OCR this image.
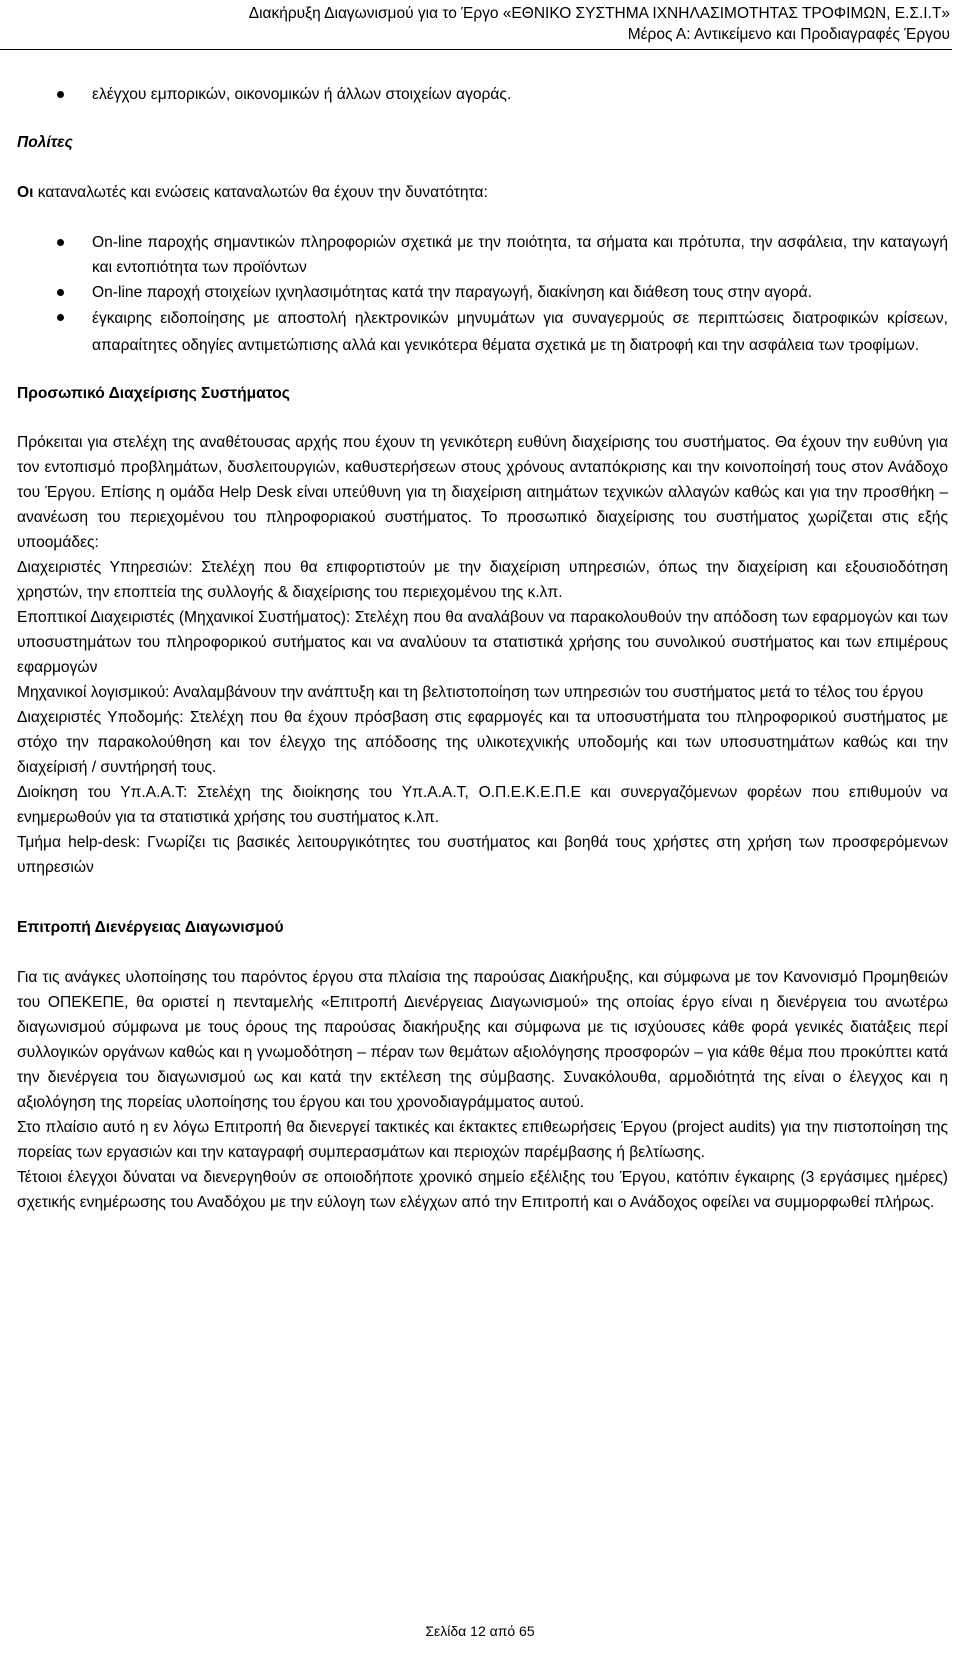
Διακήρυξη Διαγωνισμού για το Έργο «ΕΘΝΙΚΟ ΣΥΣΤΗΜΑ ΙΧΝΗΛΑΣΙΜΟΤΗΤΑΣ ΤΡΟΦΙΜΩΝ, Ε.Σ.Ι.Τ»
Μέρος Α: Αντικείμενο και Προδιαγραφές Έργου
ελέγχου εμπορικών, οικονομικών ή άλλων στοιχείων αγοράς.

Πολίτες

Οι καταναλωτές και ενώσεις καταναλωτών θα έχουν την δυνατότητα:

On-line παροχής σημαντικών πληροφοριών σχετικά με την ποιότητα, τα σήματα και πρότυπα, την ασφάλεια, την καταγωγή και εντοπιότητα των προϊόντων
On-line παροχή στοιχείων ιχνηλασιμότητας κατά την παραγωγή, διακίνηση και διάθεση τους στην αγορά.
έγκαιρης ειδοποίησης με αποστολή ηλεκτρονικών μηνυμάτων για συναγερμούς σε περιπτώσεις διατροφικών κρίσεων, απαραίτητες οδηγίες αντιμετώπισης αλλά και γενικότερα θέματα σχετικά με τη διατροφή και την ασφάλεια των τροφίμων.

Προσωπικό Διαχείρισης Συστήματος

Πρόκειται για στελέχη της αναθέτουσας αρχής που έχουν τη γενικότερη ευθύνη διαχείρισης του συστήματος. Θα έχουν την ευθύνη για τον εντοπισμό προβλημάτων, δυσλειτουργιών, καθυστερήσεων στους χρόνους ανταπόκρισης και την κοινοποίησή τους στον Ανάδοχο του Έργου. Επίσης η ομάδα Help Desk είναι υπεύθυνη για τη διαχείριση αιτημάτων τεχνικών αλλαγών καθώς και για την προσθήκη – ανανέωση του περιεχομένου του πληροφοριακού συστήματος. Το προσωπικό διαχείρισης του συστήματος χωρίζεται στις εξής υποομάδες:

Διαχειριστές Υπηρεσιών: Στελέχη που θα επιφορτιστούν με την διαχείριση υπηρεσιών, όπως την διαχείριση και εξουσιοδότηση χρηστών, την εποπτεία της συλλογής & διαχείρισης του περιεχομένου της κ.λπ.

Εποπτικοί Διαχειριστές (Μηχανικοί Συστήματος): Στελέχη που θα αναλάβουν να παρακολουθούν την απόδοση των εφαρμογών και των υποσυστημάτων του πληροφορικού συτήματος και να αναλύουν τα στατιστικά χρήσης του συνολικού συστήματος και των επιμέρους εφαρμογών

Μηχανικοί λογισμικού: Αναλαμβάνουν την ανάπτυξη και τη βελτιστοποίηση των υπηρεσιών του συστήματος μετά το τέλος του έργου

Διαχειριστές Υποδομής: Στελέχη που θα έχουν πρόσβαση στις εφαρμογές και τα υποσυστήματα του πληροφορικού συστήματος με στόχο την παρακολούθηση και τον έλεγχο της απόδοσης της υλικοτεχνικής υποδομής και των υποσυστημάτων καθώς και την διαχείρισή / συντήρησή τους.

Διοίκηση του Υπ.Α.Α.Τ: Στελέχη της διοίκησης του Υπ.Α.Α.Τ, Ο.Π.Ε.Κ.Ε.Π.Ε και συνεργαζόμενων φορέων που επιθυμούν να ενημερωθούν για τα στατιστικά χρήσης του συστήματος κ.λπ.

Τμήμα help-desk: Γνωρίζει τις βασικές λειτουργικότητες του συστήματος και βοηθά τους χρήστες στη χρήση των προσφερόμενων υπηρεσιών

Επιτροπή Διενέργειας Διαγωνισμού

Για τις ανάγκες υλοποίησης του παρόντος έργου στα πλαίσια της παρούσας Διακήρυξης, και σύμφωνα με τον Κανονισμό Προμηθειών του ΟΠΕΚΕΠΕ, θα οριστεί η πενταμελής «Επιτροπή Διενέργειας Διαγωνισμού» της οποίας έργο είναι η διενέργεια του ανωτέρω διαγωνισμού σύμφωνα με τους όρους της παρούσας διακήρυξης και σύμφωνα με τις ισχύουσες κάθε φορά γενικές διατάξεις περί συλλογικών οργάνων καθώς και η γνωμοδότηση – πέραν των θεμάτων αξιολόγησης προσφορών – για κάθε θέμα που προκύπτει κατά την διενέργεια του διαγωνισμού ως και κατά την εκτέλεση της σύμβασης. Συνακόλουθα, αρμοδιότητά της είναι ο έλεγχος και η αξιολόγηση της πορείας υλοποίησης του έργου και του χρονοδιαγράμματος αυτού.

Στο πλαίσιο αυτό η εν λόγω Επιτροπή θα διενεργεί τακτικές και έκτακτες επιθεωρήσεις Έργου (project audits) για την πιστοποίηση της πορείας των εργασιών και την καταγραφή συμπερασμάτων και περιοχών παρέμβασης ή βελτίωσης.

Τέτοιοι έλεγχοι δύναται να διενεργηθούν σε οποιοδήποτε χρονικό σημείο εξέλιξης του Έργου, κατόπιν έγκαιρης (3 εργάσιμες ημέρες) σχετικής ενημέρωσης του Αναδόχου με την εύλογη των ελέγχων από την Επιτροπή και ο Ανάδοχος οφείλει να συμμορφωθεί πλήρως.

Σελίδα 12 από 65
